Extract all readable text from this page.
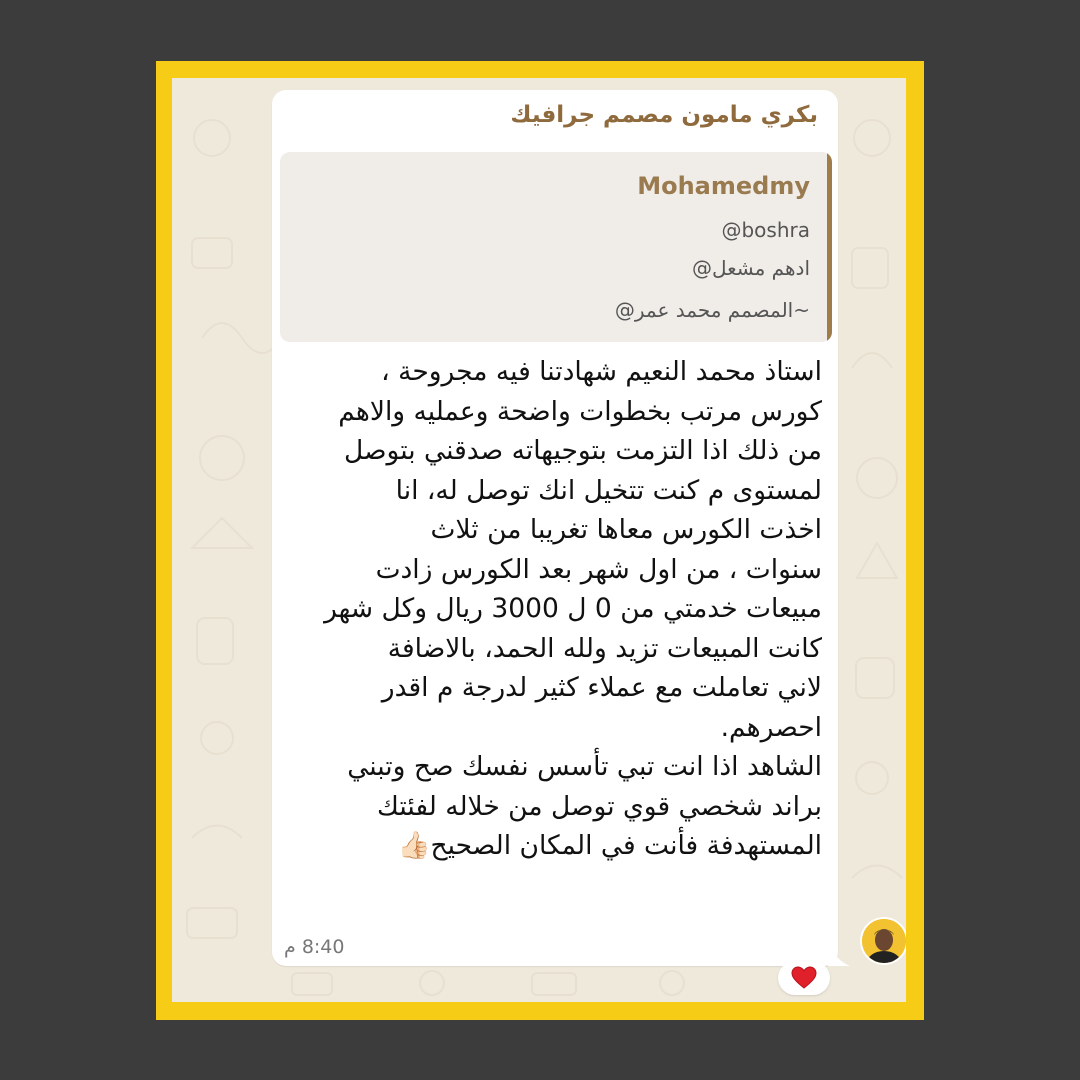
بكري مامون مصمم جرافيك
Mohamedmy
@boshra
ادهم مشعل@
~المصمم محمد عمر@
استاذ محمد النعيم شهادتنا فيه مجروحة ،
كورس مرتب بخطوات واضحة وعمليه والاهم
من ذلك اذا التزمت بتوجيهاته صدقني بتوصل
لمستوى م كنت تتخيل انك توصل له، انا
اخذت الكورس معاها تغريبا من ثلاث
سنوات ، من اول شهر بعد الكورس زادت
مبيعات خدمتي من 0 ل 3000 ريال وكل شهر
كانت المبيعات تزيد ولله الحمد، بالاضافة
لاني تعاملت مع عملاء كثير لدرجة م اقدر
احصرهم.
الشاهد اذا انت تبي تأسس نفسك صح وتبني
براند شخصي قوي توصل من خلاله لفئتك
المستهدفة فأنت في المكان الصحيح👍🏻
8:40 م
